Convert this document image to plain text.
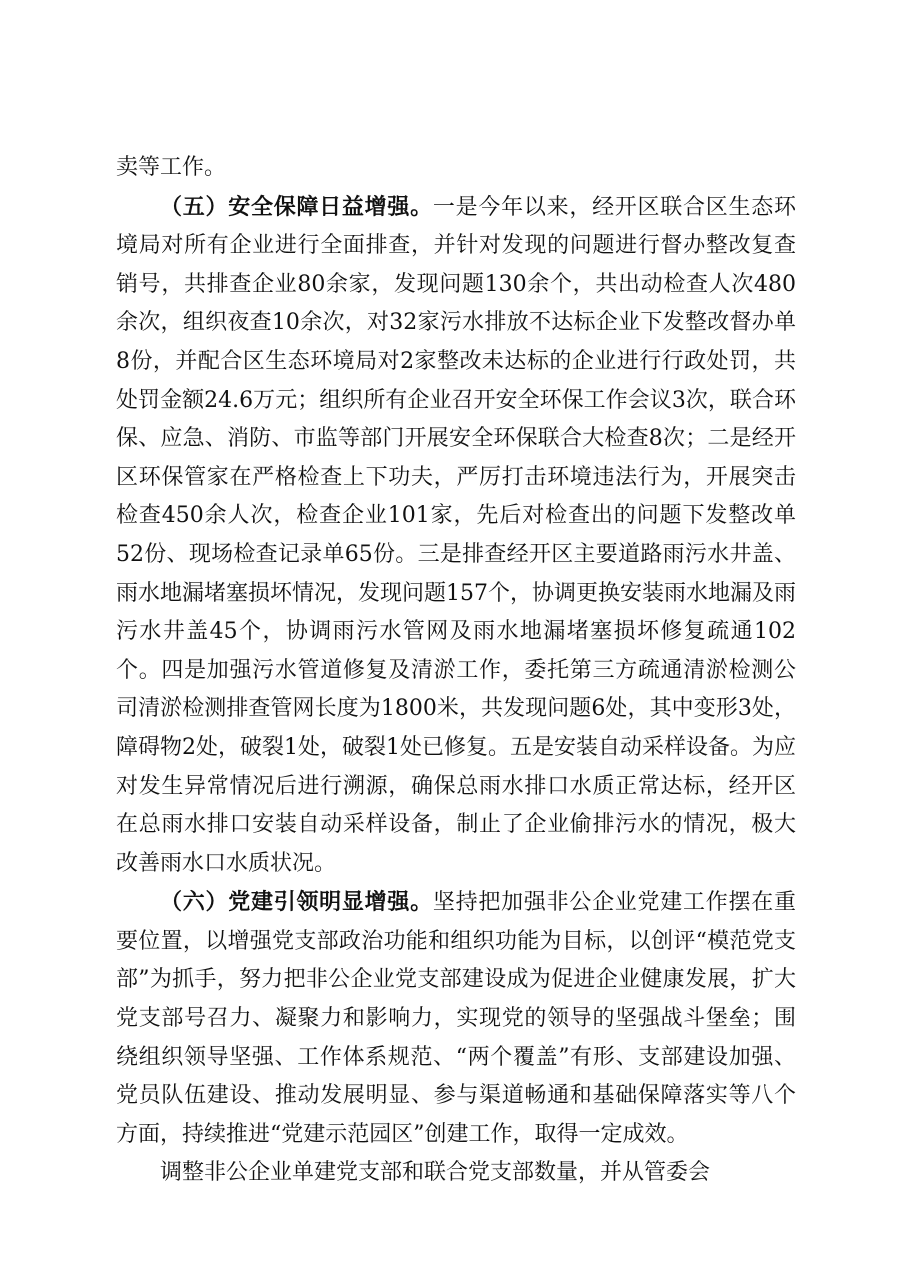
卖等工作。

（五）安全保障日益增强。一是今年以来，经开区联合区生态环境局对所有企业进行全面排查，并针对发现的问题进行督办整改复查销号，共排查企业80余家，发现问题130余个，共出动检查人次480余次，组织夜查10余次，对32家污水排放不达标企业下发整改督办单8份，并配合区生态环境局对2家整改未达标的企业进行行政处罚，共处罚金额24.6万元；组织所有企业召开安全环保工作会议3次，联合环保、应急、消防、市监等部门开展安全环保联合大检查8次；二是经开区环保管家在严格检查上下功夫，严厉打击环境违法行为，开展突击检查450余人次，检查企业101家，先后对检查出的问题下发整改单52份、现场检查记录单65份。三是排查经开区主要道路雨污水井盖、雨水地漏堵塞损坏情况，发现问题157个，协调更换安装雨水地漏及雨污水井盖45个，协调雨污水管网及雨水地漏堵塞损坏修复疏通102个。四是加强污水管道修复及清淤工作，委托第三方疏通清淤检测公司清淤检测排查管网长度为1800米，共发现问题6处，其中变形3处，障碍物2处，破裂1处，破裂1处已修复。五是安装自动采样设备。为应对发生异常情况后进行溯源，确保总雨水排口水质正常达标，经开区在总雨水排口安装自动采样设备，制止了企业偷排污水的情况，极大改善雨水口水质状况。

（六）党建引领明显增强。坚持把加强非公企业党建工作摆在重要位置，以增强党支部政治功能和组织功能为目标，以创评“模范党支部”为抓手，努力把非公企业党支部建设成为促进企业健康发展，扩大党支部号召力、凝聚力和影响力，实现党的领导的坚强战斗堡垒；围绕组织领导坚强、工作体系规范、“两个覆盖”有形、支部建设加强、党员队伍建设、推动发展明显、参与渠道畅通和基础保障落实等八个方面，持续推进“党建示范园区”创建工作，取得一定成效。

调整非公企业单建党支部和联合党支部数量，并从管委会
